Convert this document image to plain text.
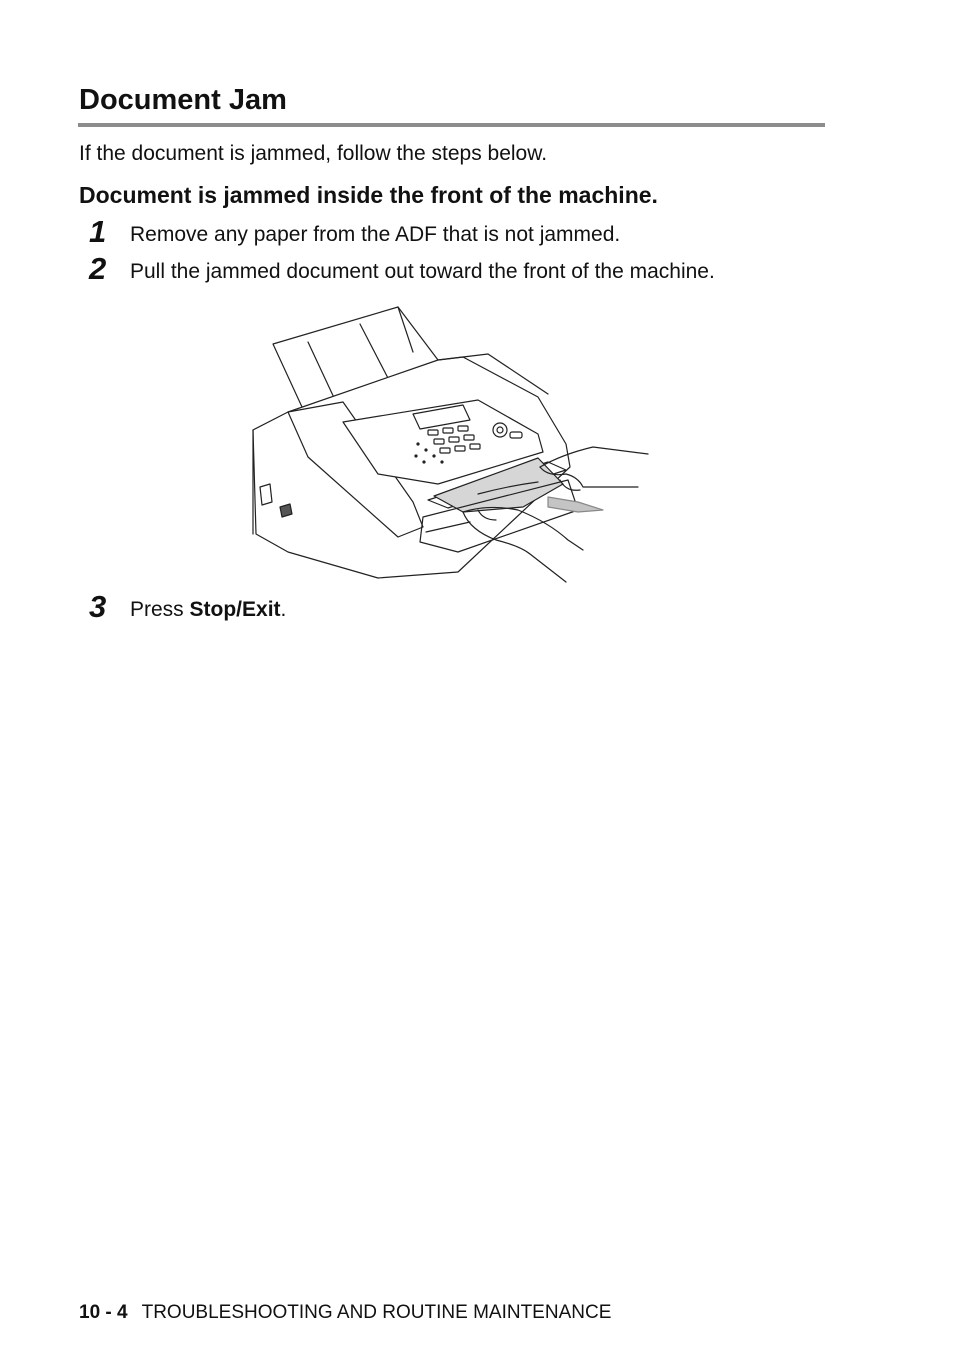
Document Jam

If the document is jammed, follow the steps below.

Document is jammed inside the front of the machine.
1 Remove any paper from the ADF that is not jammed.
2 Pull the jammed document out toward the front of the machine.
3 Press Stop/Exit.
10 - 4 TROUBLESHOOTING AND ROUTINE MAINTENANCE
